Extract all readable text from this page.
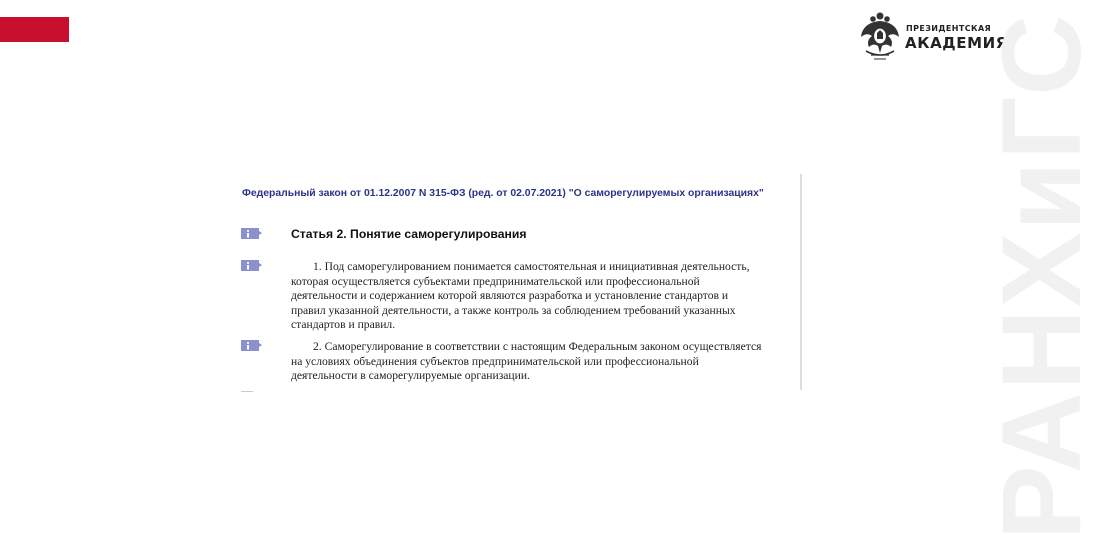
ПРЕЗИДЕНТСКАЯ
АКАДЕМИЯ
РАНХиГС
Федеральный закон от 01.12.2007 N 315-ФЗ (ред. от 02.07.2021) "О саморегулируемых организациях"
Статья 2. Понятие саморегулирования

1. Под саморегулированием понимается самостоятельная и инициативная деятельность,
которая осуществляется субъектами предпринимательской или профессиональной
деятельности и содержанием которой являются разработка и установление стандартов и
правил указанной деятельности, а также контроль за соблюдением требований указанных
стандартов и правил.

2. Саморегулирование в соответствии с настоящим Федеральным законом осуществляется
на условиях объединения субъектов предпринимательской или профессиональной
деятельности в саморегулируемые организации.
